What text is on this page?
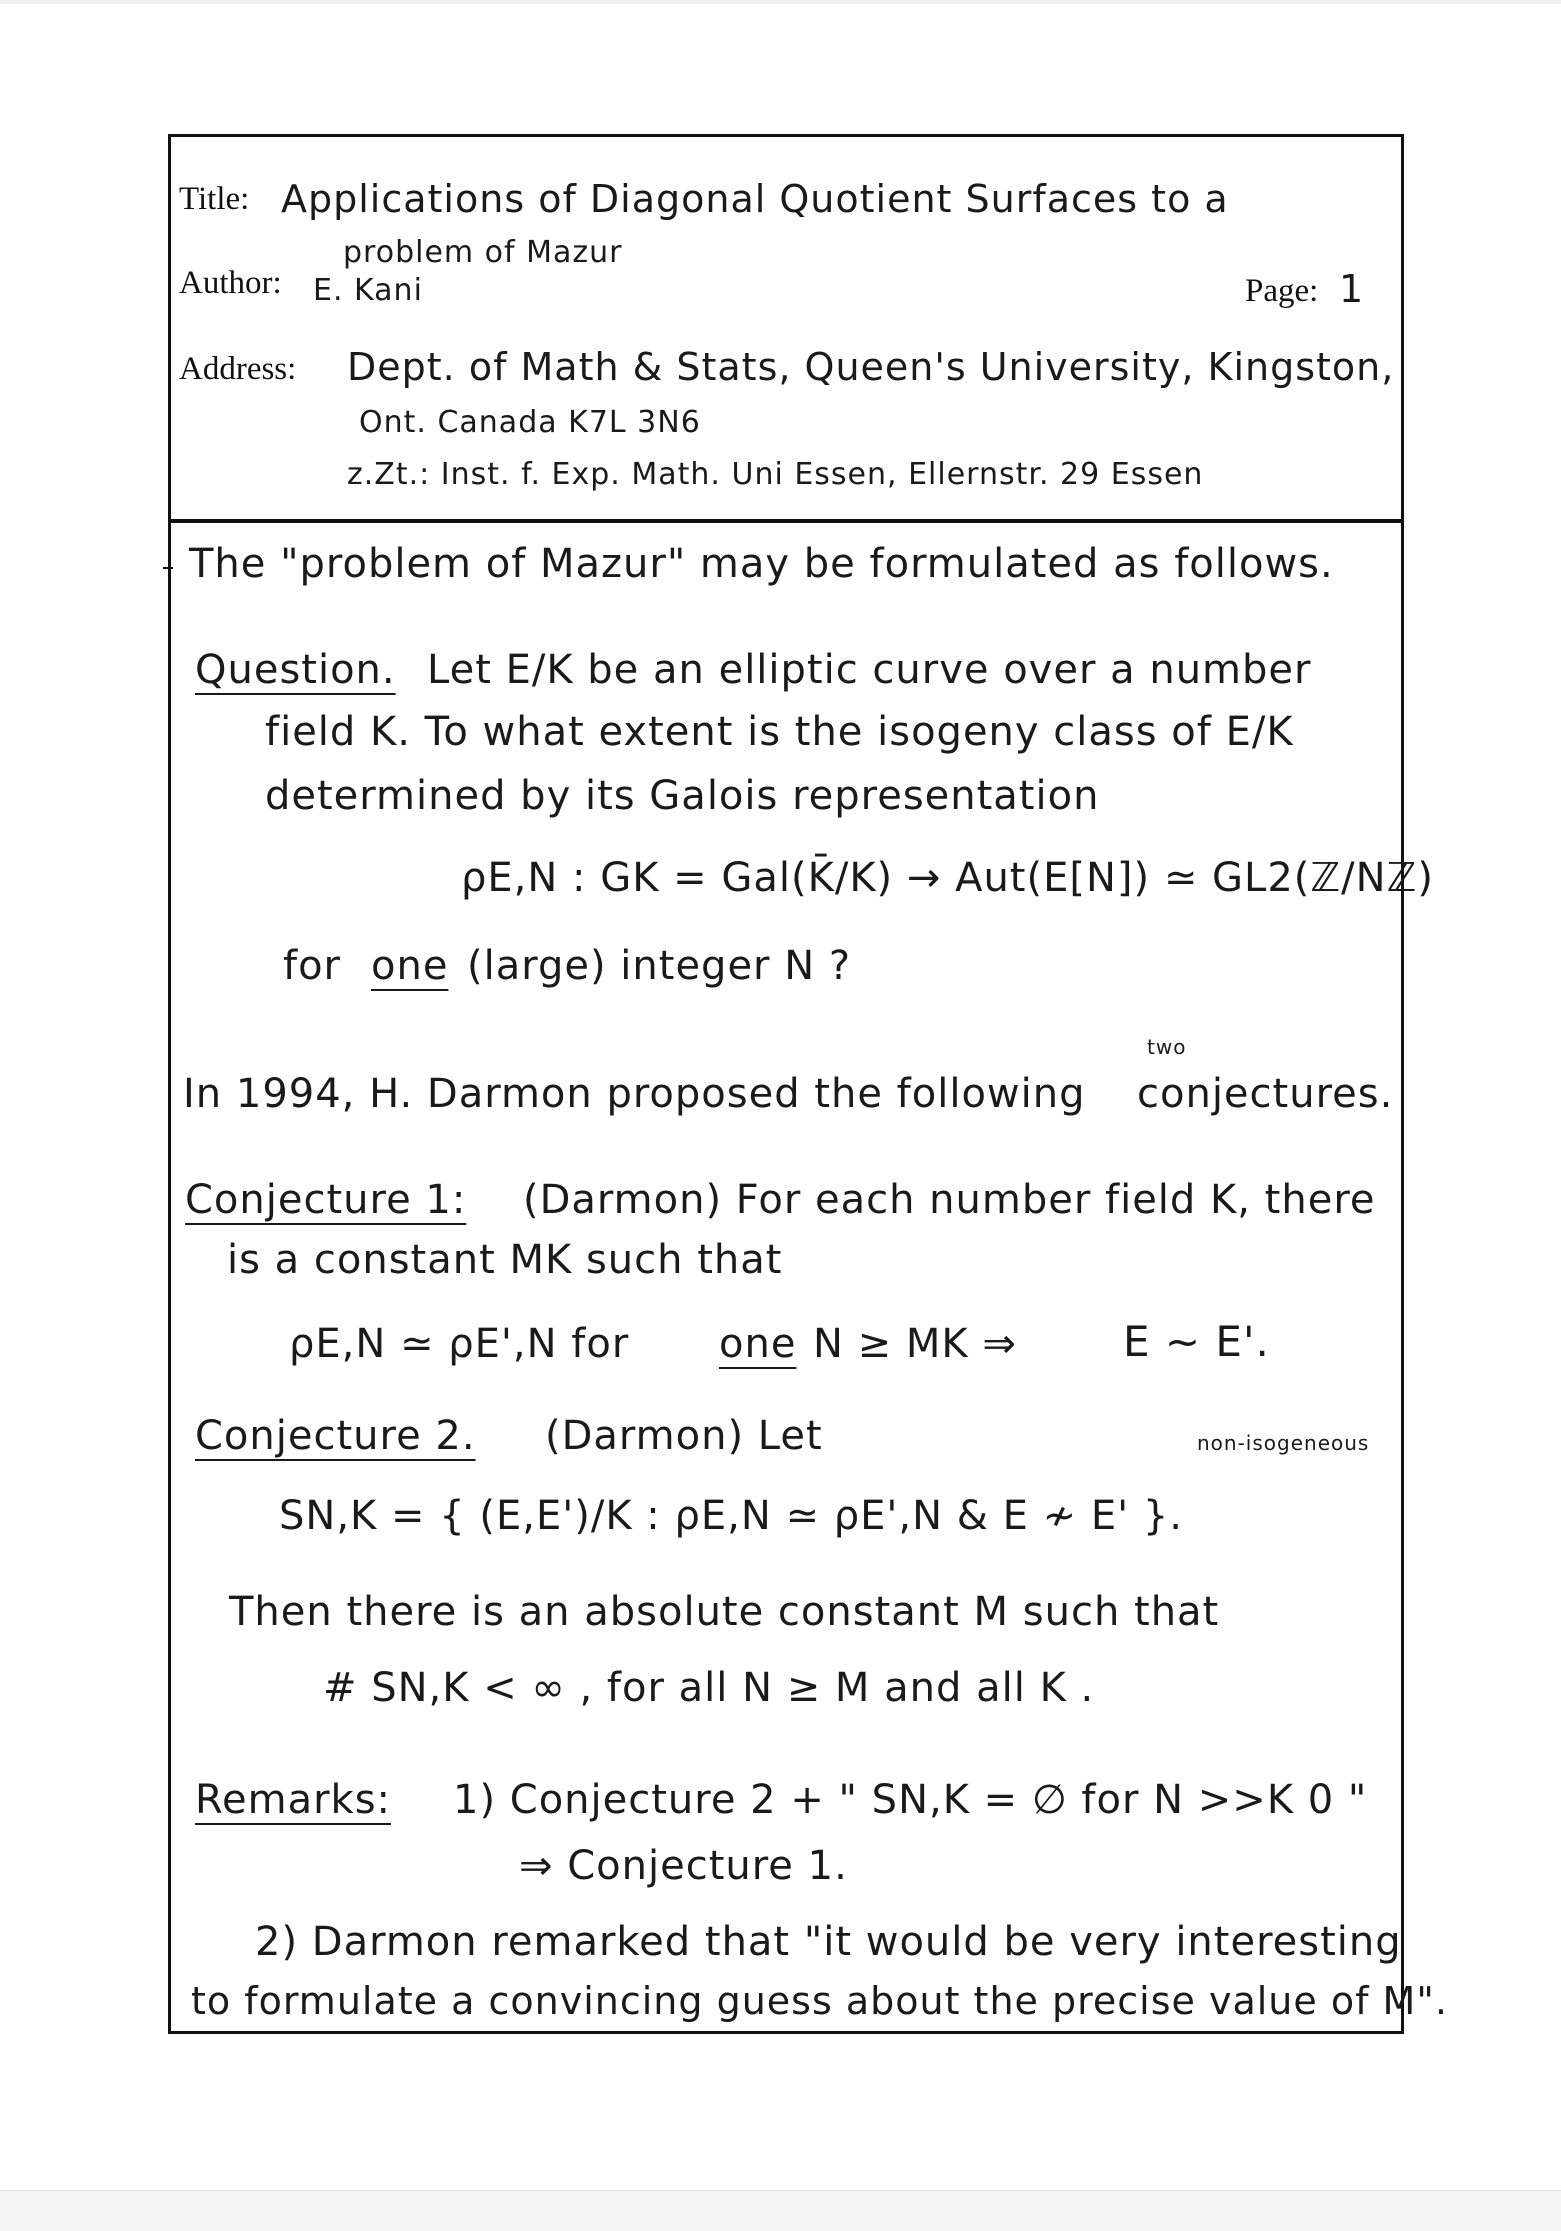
Title: Applications of Diagonal Quotient Surfaces to a
problem of Mazur
Author: E. Kani	Page: 1
Address: Dept. of Math & Stats, Queen's University, Kingston,
Ont. Canada K7L 3N6
z.Zt.: Inst. f. Exp. Math. Uni Essen, Ellernstr. 29 Essen
The "problem of Mazur" may be formulated as follows.
Question. Let E/K be an elliptic curve over a number
field K. To what extent is the isogeny class of E/K
determined by its Galois representation
ρE,N : GK = Gal(K̄/K) → Aut(E[N]) ≃ GL2(ℤ/Nℤ)
for one (large) integer N ?
In 1994, H. Darmon proposed the following
two
conjectures.
Conjecture 1: (Darmon) For each number field K, there
is a constant MK such that
ρE,N ≃ ρE',N for one N ≥ MK ⇒	E ~ E'.
Conjecture 2. (Darmon) Let	non-isogeneous
SN,K = { (E,E')/K : ρE,N ≃ ρE',N & E ≁ E' }.
Then there is an absolute constant M such that
# SN,K < ∞ , for all N ≥ M and all K .
Remarks: 1) Conjecture 2 + " SN,K = ∅ for N >>K 0 "
⇒ Conjecture 1.
2) Darmon remarked that "it would be very interesting
to formulate a convincing guess about the precise value of M".
